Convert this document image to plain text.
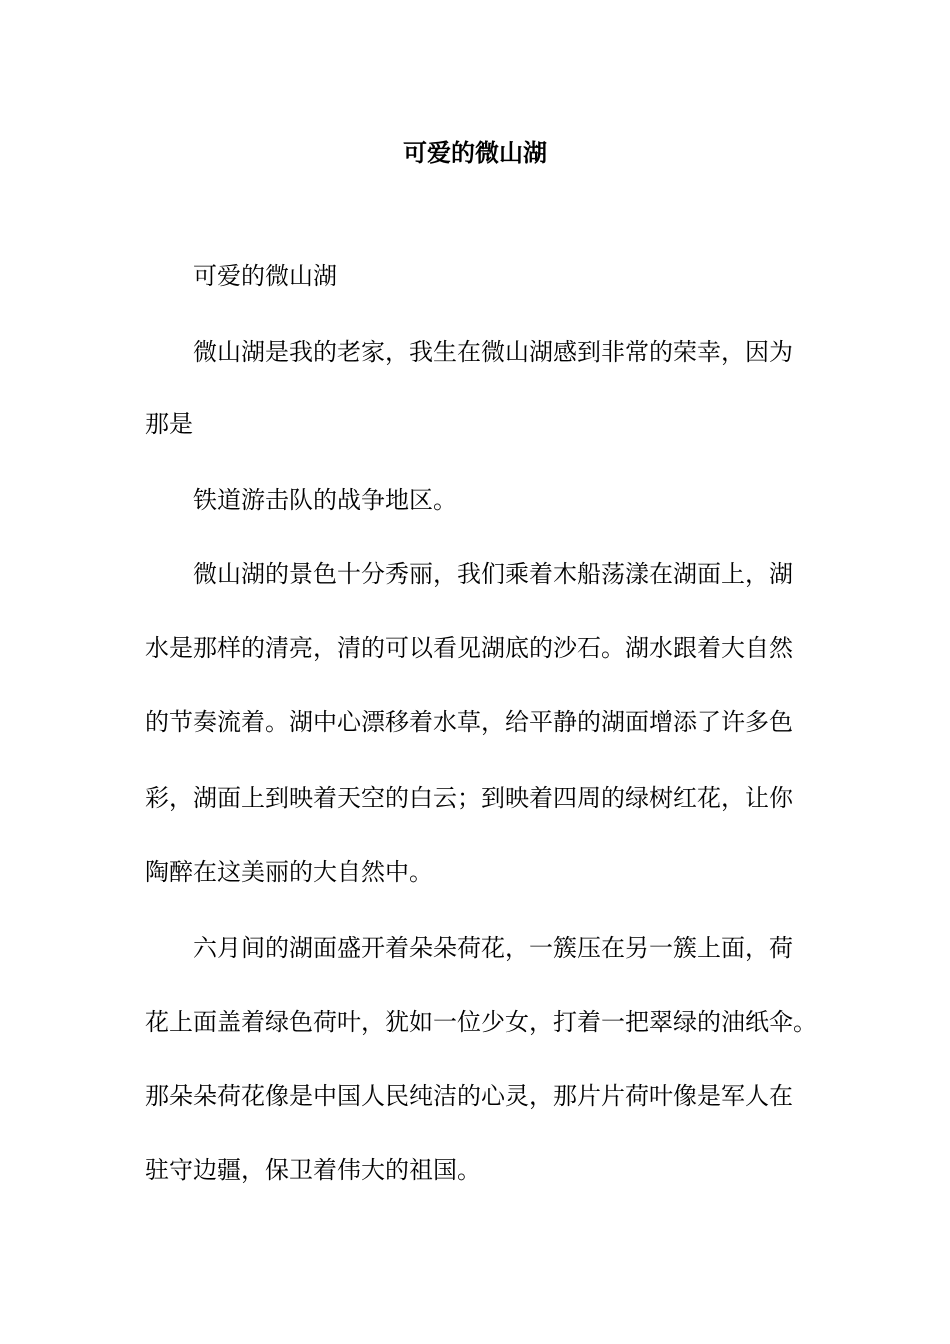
可爱的微山湖
可爱的微山湖
微山湖是我的老家，我生在微山湖感到非常的荣幸，因为
那是
铁道游击队的战争地区。
微山湖的景色十分秀丽，我们乘着木船荡漾在湖面上，湖
水是那样的清亮，清的可以看见湖底的沙石。湖水跟着大自然
的节奏流着。湖中心漂移着水草，给平静的湖面增添了许多色
彩，湖面上到映着天空的白云；到映着四周的绿树红花，让你
陶醉在这美丽的大自然中。
六月间的湖面盛开着朵朵荷花，一簇压在另一簇上面，荷
花上面盖着绿色荷叶，犹如一位少女，打着一把翠绿的油纸伞。
那朵朵荷花像是中国人民纯洁的心灵，那片片荷叶像是军人在
驻守边疆，保卫着伟大的祖国。
